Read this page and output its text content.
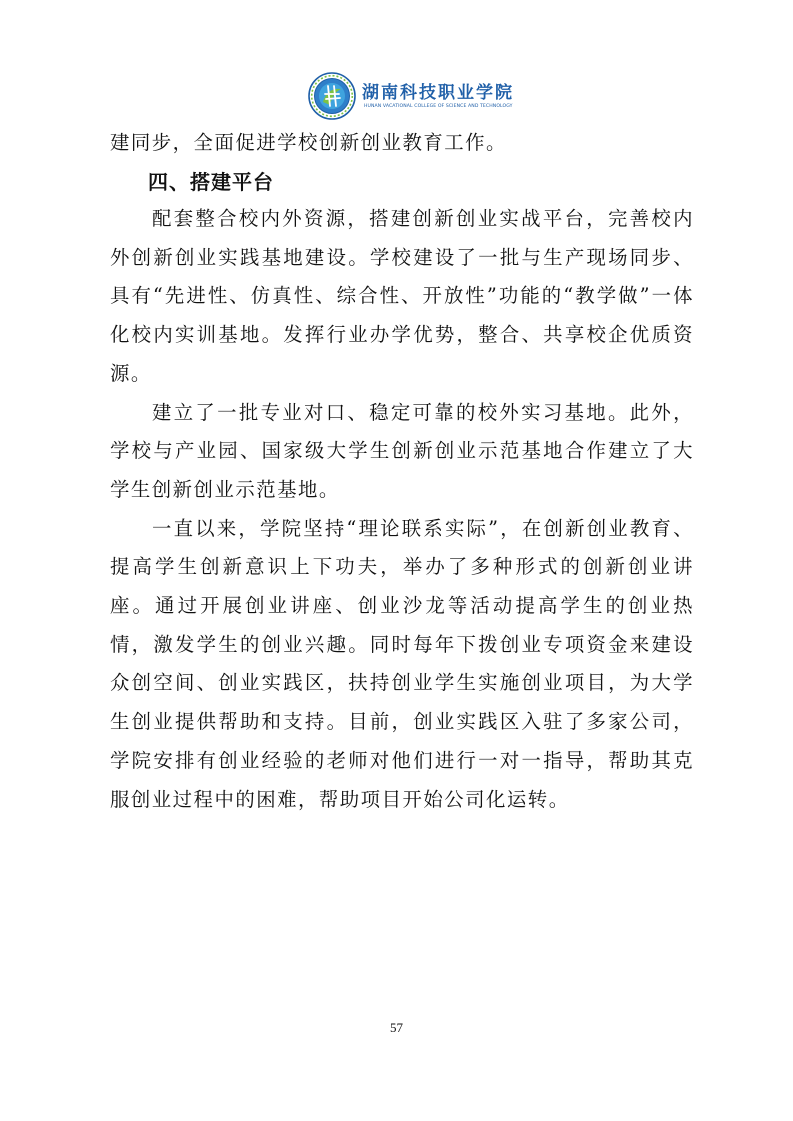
湖南科技职业学院
HUNAN VACATIONAL COLLEGE OF SCIENCE AND TECHNOLOGY

建同步，全面促进学校创新创业教育工作。

四、搭建平台

配套整合校内外资源，搭建创新创业实战平台，完善校内外创新创业实践基地建设。学校建设了一批与生产现场同步、具有“先进性、仿真性、综合性、开放性”功能的“教学做”一体化校内实训基地。发挥行业办学优势，整合、共享校企优质资源。

建立了一批专业对口、稳定可靠的校外实习基地。此外，学校与产业园、国家级大学生创新创业示范基地合作建立了大学生创新创业示范基地。

一直以来，学院坚持“理论联系实际”，在创新创业教育、提高学生创新意识上下功夫，举办了多种形式的创新创业讲座。通过开展创业讲座、创业沙龙等活动提高学生的创业热情，激发学生的创业兴趣。同时每年下拨创业专项资金来建设众创空间、创业实践区，扶持创业学生实施创业项目，为大学生创业提供帮助和支持。目前，创业实践区入驻了多家公司，学院安排有创业经验的老师对他们进行一对一指导，帮助其克服创业过程中的困难，帮助项目开始公司化运转。

57
